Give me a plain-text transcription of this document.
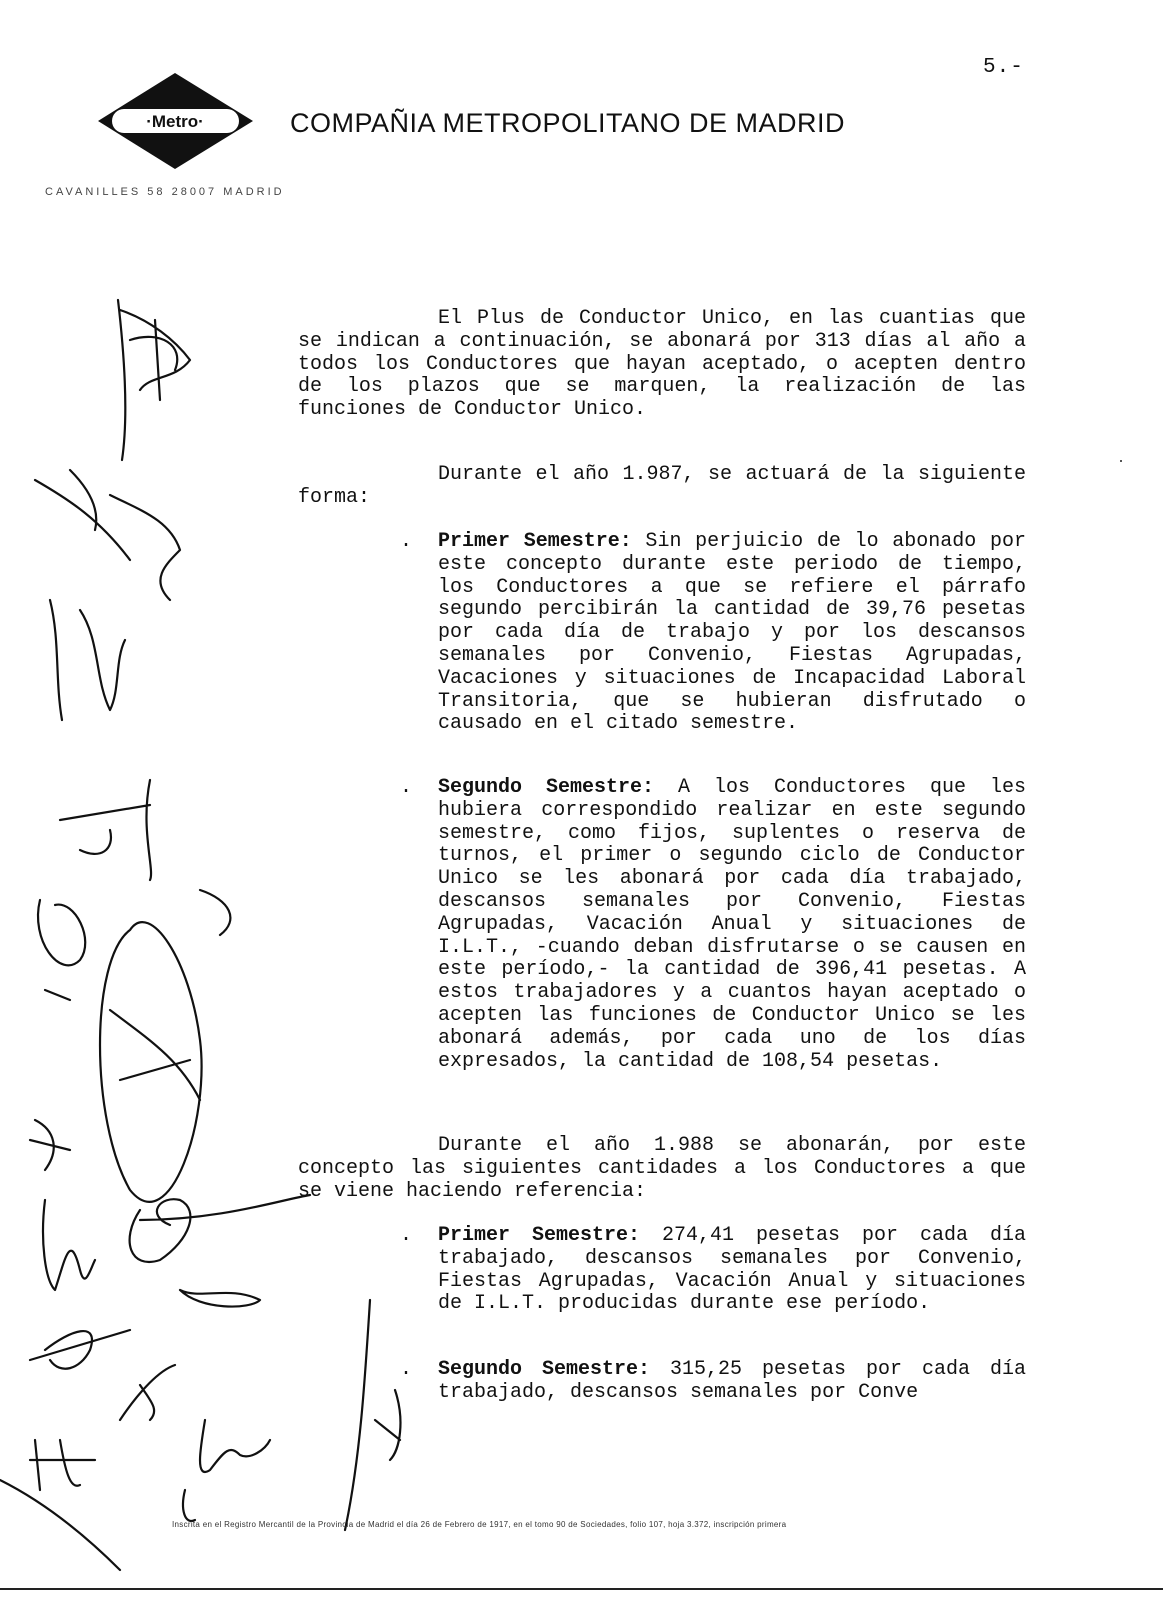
5.-
·Metro·	COMPAÑIA METROPOLITANO DE MADRID
CAVANILLES 58 28007 MADRID

El Plus de Conductor Unico, en las cuantias que se indican a continuación, se abonará por 313 días al año a todos los Conductores que hayan aceptado, o acepten dentro de los plazos que se marquen, la realización de las funciones de Conductor Unico.

Durante el año 1.987, se actuará de la siguiente forma:

. Primer Semestre: Sin perjuicio de lo abonado por este concepto durante este periodo de tiempo, los Conductores a que se refiere el párrafo segundo percibirán la cantidad de 39,76 pesetas por cada día de trabajo y por los descansos semanales por Convenio, Fiestas Agrupadas, Vacaciones y situaciones de Incapacidad Laboral Transitoria, que se hubieran disfrutado o causado en el citado semestre.

. Segundo Semestre: A los Conductores que les hubiera correspondido realizar en este segundo semestre, como fijos, suplentes o reserva de turnos, el primer o segundo ciclo de Conductor Unico se les abonará por cada día trabajado, descansos semanales por Convenio, Fiestas Agrupadas, Vacación Anual y situaciones de I.L.T., -cuando deban disfrutarse o se causen en este período,- la cantidad de 396,41 pesetas. A estos trabajadores y a cuantos hayan aceptado o acepten las funciones de Conductor Unico se les abonará además, por cada uno de los días expresados, la cantidad de 108,54 pesetas.

Durante el año 1.988 se abonarán, por este concepto las siguientes cantidades a los Conductores a que se viene haciendo referencia:

. Primer Semestre: 274,41 pesetas por cada día trabajado, descansos semanales por Convenio, Fiestas Agrupadas, Vacación Anual y situaciones de I.L.T. producidas durante ese período.

. Segundo Semestre: 315,25 pesetas por cada día trabajado, descansos semanales por Conve

Inscrita en el Registro Mercantil de la Provincia de Madrid el día 26 de Febrero de 1917, en el tomo 90 de Sociedades, folio 107, hoja 3.372, inscripción primera
